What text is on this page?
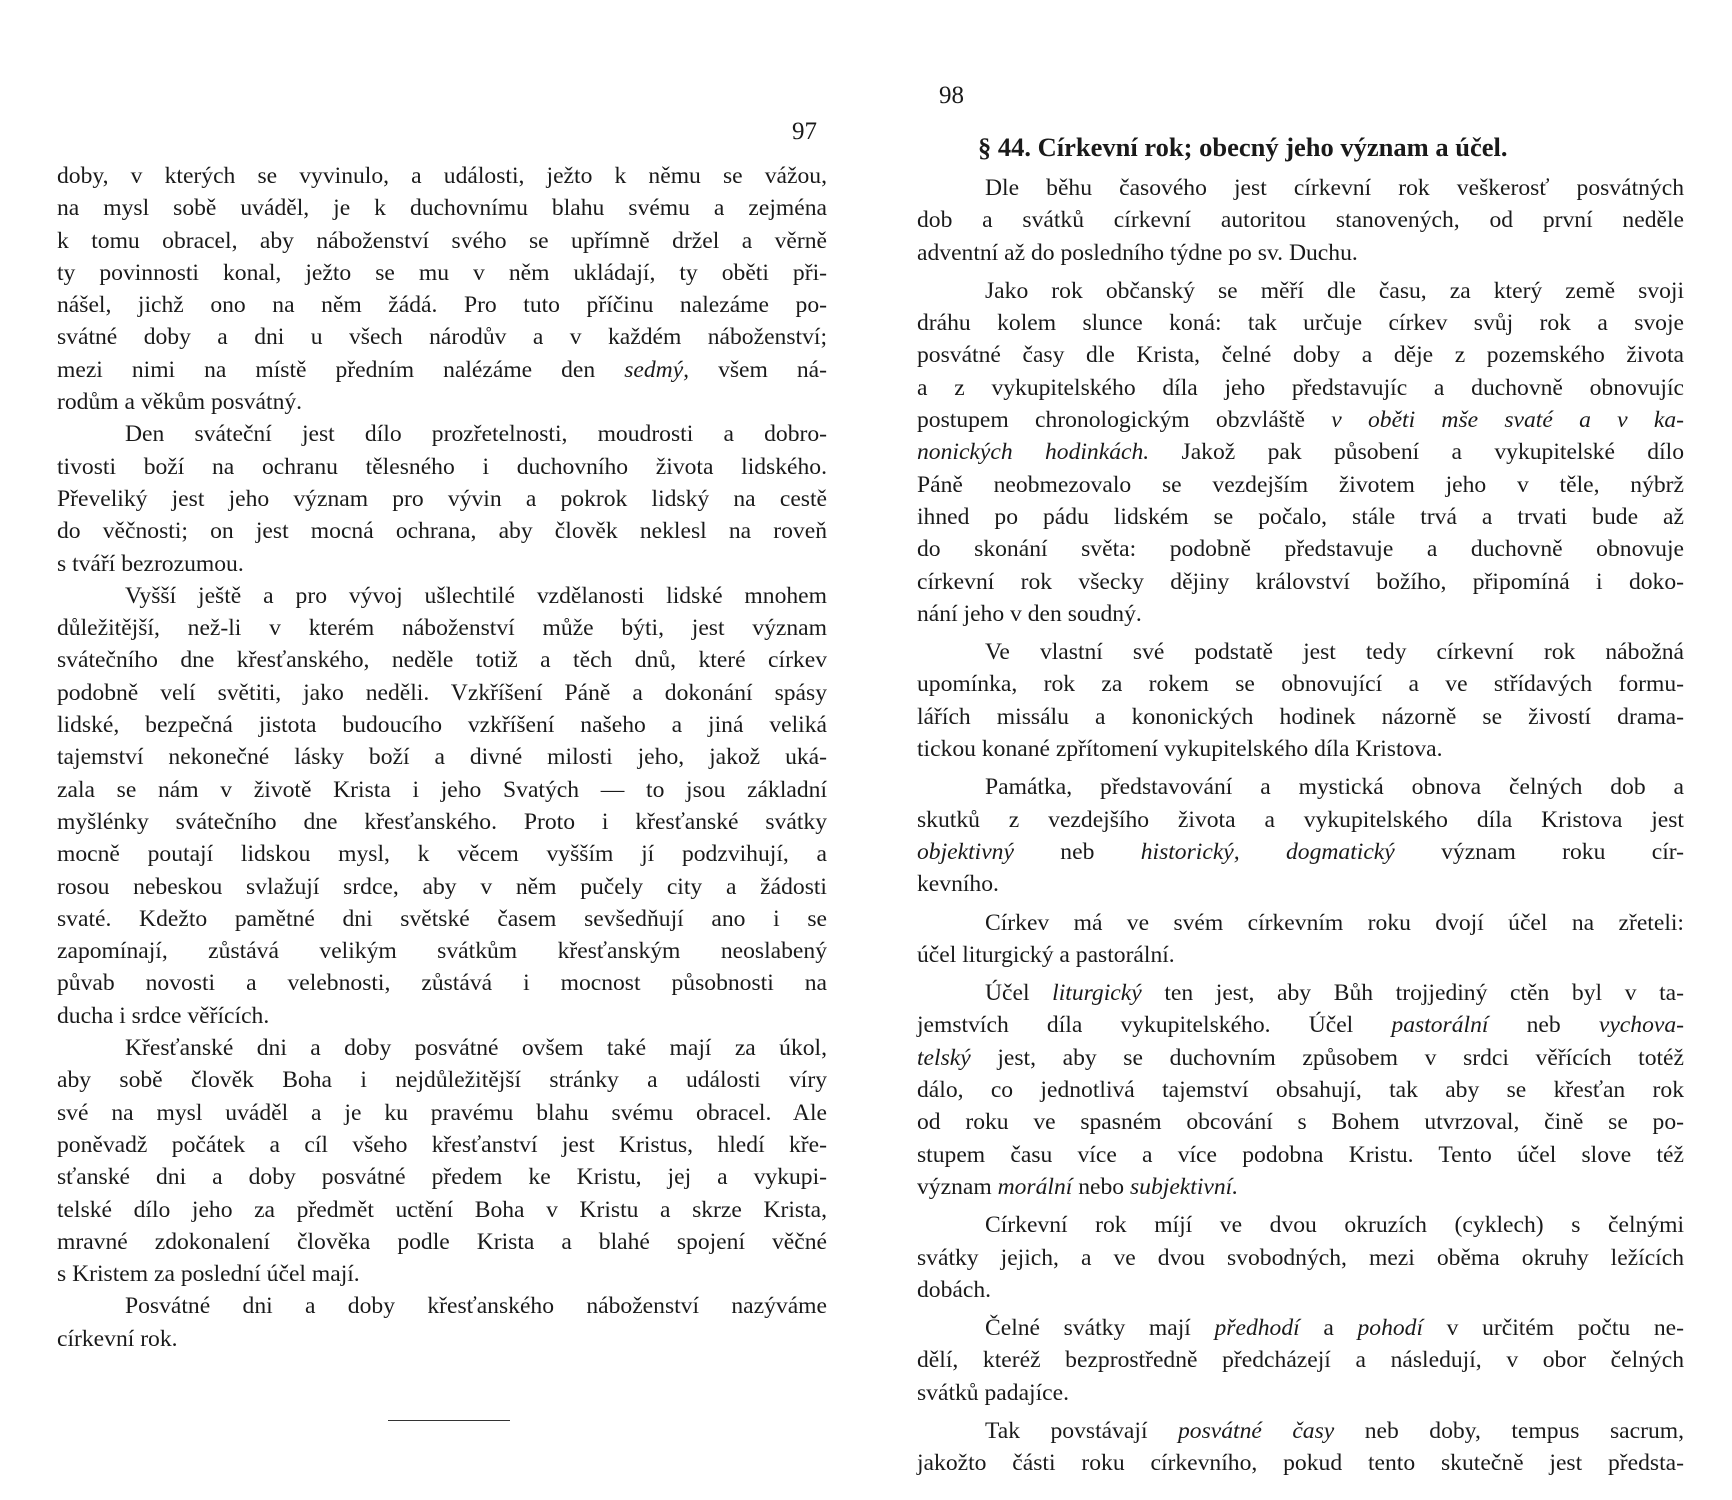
97
doby, v kterých se vyvinulo, a události, ježto k němu se vážou,
na mysl sobě uváděl, je k duchovnímu blahu svému a zejména
k tomu obracel, aby náboženství svého se upřímně držel a věrně
ty povinnosti konal, ježto se mu v něm ukládají, ty oběti při-
nášel, jichž ono na něm žádá. Pro tuto příčinu nalezáme po-
svátné doby a dni u všech národův a v každém náboženství;
mezi nimi na místě předním nalézáme den sedmý, všem ná-
rodům a věkům posvátný.
Den sváteční jest dílo prozřetelnosti, moudrosti a dobro-
tivosti boží na ochranu tělesného i duchovního života lidského.
Převeliký jest jeho význam pro vývin a pokrok lidský na cestě
do věčnosti; on jest mocná ochrana, aby člověk neklesl na roveň
s tváří bezrozumou.
Vyšší ještě a pro vývoj ušlechtilé vzdělanosti lidské mnohem
důležitější, než-li v kterém náboženství může býti, jest význam
svátečního dne křesťanského, neděle totiž a těch dnů, které církev
podobně velí světiti, jako neděli. Vzkříšení Páně a dokonání spásy
lidské, bezpečná jistota budoucího vzkříšení našeho a jiná veliká
tajemství nekonečné lásky boží a divné milosti jeho, jakož uká-
zala se nám v životě Krista i jeho Svatých — to jsou základní
myšlénky svátečního dne křesťanského. Proto i křesťanské svátky
mocně poutají lidskou mysl, k věcem vyšším jí podzvihují, a
rosou nebeskou svlažují srdce, aby v něm pučely city a žádosti
svaté. Kdežto pamětné dni světské časem sevšedňují ano i se
zapomínají, zůstává velikým svátkům křesťanským neoslabený
půvab novosti a velebnosti, zůstává i mocnost působnosti na
ducha i srdce věřících.
Křesťanské dni a doby posvátné ovšem také mají za úkol,
aby sobě člověk Boha i nejdůležitější stránky a události víry
své na mysl uváděl a je ku pravému blahu svému obracel. Ale
poněvadž počátek a cíl všeho křesťanství jest Kristus, hledí kře-
sťanské dni a doby posvátné předem ke Kristu, jej a vykupi-
telské dílo jeho za předmět uctění Boha v Kristu a skrze Krista,
mravné zdokonalení člověka podle Krista a blahé spojení věčné
s Kristem za poslední účel mají.
Posvátné dni a doby křesťanského náboženství nazýváme
církevní rok.
98
§ 44. Církevní rok; obecný jeho význam a účel.
Dle běhu časového jest církevní rok veškerosť posvátných
dob a svátků církevní autoritou stanovených, od první neděle
adventní až do posledního týdne po sv. Duchu.
Jako rok občanský se měří dle času, za který země svoji
dráhu kolem slunce koná: tak určuje církev svůj rok a svoje
posvátné časy dle Krista, čelné doby a děje z pozemského života
a z vykupitelského díla jeho představujíc a duchovně obnovujíc
postupem chronologickým obzvláště v oběti mše svaté a v ka-
nonických hodinkách. Jakož pak působení a vykupitelské dílo
Páně neobmezovalo se vezdejším životem jeho v těle, nýbrž
ihned po pádu lidském se počalo, stále trvá a trvati bude až
do skonání světa: podobně představuje a duchovně obnovuje
církevní rok všecky dějiny království božího, připomíná i doko-
nání jeho v den soudný.
Ve vlastní své podstatě jest tedy církevní rok nábožná
upomínka, rok za rokem se obnovující a ve střídavých formu-
lářích missálu a kononických hodinek názorně se živostí drama-
tickou konané zpřítomení vykupitelského díla Kristova.
Památka, představování a mystická obnova čelných dob a
skutků z vezdejšího života a vykupitelského díla Kristova jest
objektivný neb historický, dogmatický význam roku cír-
kevního.
Církev má ve svém církevním roku dvojí účel na zřeteli:
účel liturgický a pastorální.
Účel liturgický ten jest, aby Bůh trojjediný ctěn byl v ta-
jemstvích díla vykupitelského. Účel pastorální neb vychova-
telský jest, aby se duchovním způsobem v srdci věřících totéž
dálo, co jednotlivá tajemství obsahují, tak aby se křesťan rok
od roku ve spasném obcování s Bohem utvrzoval, čině se po-
stupem času více a více podobna Kristu. Tento účel slove též
význam morální nebo subjektivní.
Církevní rok míjí ve dvou okruzích (cyklech) s čelnými
svátky jejich, a ve dvou svobodných, mezi oběma okruhy ležících
dobách.
Čelné svátky mají předhodí a pohodí v určitém počtu ne-
dělí, kteréž bezprostředně předcházejí a následují, v obor čelných
svátků padajíce.
Tak povstávají posvátné časy neb doby, tempus sacrum,
jakožto části roku církevního, pokud tento skutečně jest předsta-
